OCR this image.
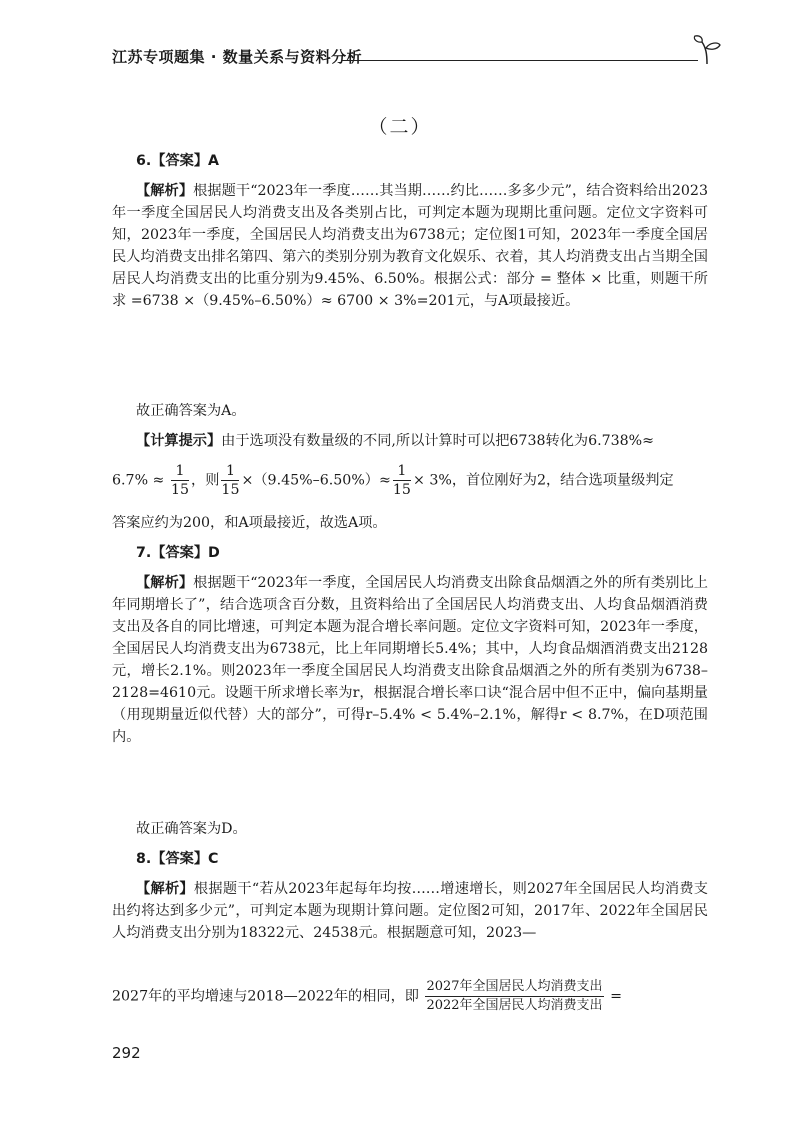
江苏专项题集 · 数量关系与资料分析
（二）
6.【答案】A
【解析】根据题干“2023年一季度……其当期……约比……多多少元”，结合资料给出2023年一季度全国居民人均消费支出及各类别占比，可判定本题为现期比重问题。定位文字资料可知，2023年一季度，全国居民人均消费支出为6738元；定位图1可知，2023年一季度全国居民人均消费支出排名第四、第六的类别分别为教育文化娱乐、衣着，其人均消费支出占当期全国居民人均消费支出的比重分别为9.45%、6.50%。根据公式：部分 = 整体 × 比重，则题干所求 =6738 ×（9.45%–6.50%）≈ 6700 × 3%=201元，与A项最接近。
故正确答案为A。
【计算提示】由于选项没有数量级的不同,所以计算时可以把6738转化为6.738%≈
$6.7\% \approx \frac{1}{15}$ ，则 $\frac{1}{15} \times(9.45\%-6.50\%)\approx \frac{1}{15} \times 3\%$，首位刚好为2，结合选项量级判定
答案应约为200，和A项最接近，故选A项。
7.【答案】D
【解析】根据题干“2023年一季度，全国居民人均消费支出除食品烟酒之外的所有类别比上年同期增长了”，结合选项含百分数，且资料给出了全国居民人均消费支出、人均食品烟酒消费支出及各自的同比增速，可判定本题为混合增长率问题。定位文字资料可知，2023年一季度，全国居民人均消费支出为6738元，比上年同期增长5.4%；其中，人均食品烟酒消费支出2128元，增长2.1%。则2023年一季度全国居民人均消费支出除食品烟酒之外的所有类别为6738–2128=4610元。设题干所求增长率为r，根据混合增长率口诀“混合居中但不正中，偏向基期量（用现期量近似代替）大的部分”，可得r–5.4% < 5.4%–2.1%，解得r < 8.7%，在D项范围内。
故正确答案为D。
8.【答案】C
【解析】根据题干“若从2023年起每年均按……增速增长，则2027年全国居民人均消费支出约将达到多少元”，可判定本题为现期计算问题。定位图2可知，2017年、2022年全国居民人均消费支出分别为18322元、24538元。根据题意可知，2023—
2027年的平均增速与2018—2022年的相同，即 $\frac{\text{2027年全国居民人均消费支出}}{\text{2022年全国居民人均消费支出}}$ =
292
